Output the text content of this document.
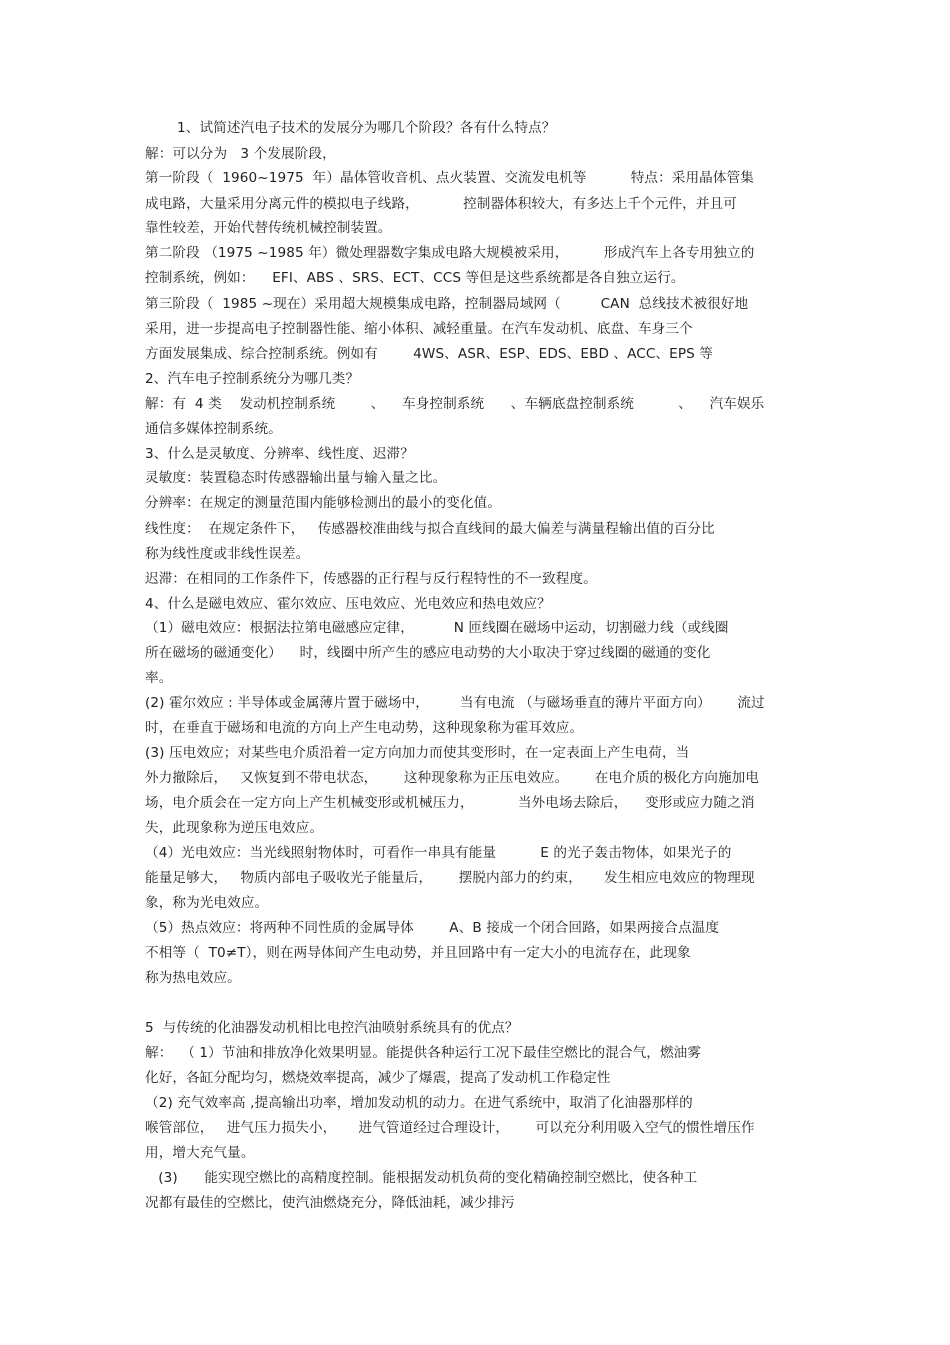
1、试简述汽电子技术的发展分为哪几个阶段？各有什么特点？
解：可以分为   3 个发展阶段，
第一阶段（  1960~1975  年）晶体管收音机、点火装置、交流发电机等          特点：采用晶体管集
成电路，大量采用分离元件的模拟电子线路，          控制器体积较大，有多达上千个元件，并且可
靠性较差，开始代替传统机械控制装置。
第二阶段 （1975 ~1985 年）微处理器数字集成电路大规模被采用，        形成汽车上各专用独立的
控制系统，例如：    EFI、ABS 、SRS、ECT、CCS 等但是这些系统都是各自独立运行。
第三阶段（  1985 ~现在）采用超大规模集成电路，控制器局域网（         CAN  总线技术被很好地
采用，进一步提高电子控制器性能、缩小体积、减轻重量。在汽车发动机、底盘、车身三个
方面发展集成、综合控制系统。例如有        4WS、ASR、ESP、EDS、EBD 、ACC、EPS 等
2、汽车电子控制系统分为哪几类？
解：有  4 类    发动机控制系统        、    车身控制系统      、车辆底盘控制系统          、    汽车娱乐
通信多媒体控制系统。
3、什么是灵敏度、分辨率、线性度、迟滞？
灵敏度：装置稳态时传感器输出量与输入量之比。
分辨率：在规定的测量范围内能够检测出的最小的变化值。
线性度：  在规定条件下，   传感器校准曲线与拟合直线间的最大偏差与满量程输出值的百分比
称为线性度或非线性误差。
迟滞：在相同的工作条件下，传感器的正行程与反行程特性的不一致程度。
4、什么是磁电效应、霍尔效应、压电效应、光电效应和热电效应？
（1）磁电效应：根据法拉第电磁感应定律，         N 匝线圈在磁场中运动，切割磁力线（或线圈
所在磁场的磁通变化）    时，线圈中所产生的感应电动势的大小取决于穿过线圈的磁通的变化
率。
(2) 霍尔效应 : 半导体或金属薄片置于磁场中，       当有电流 （与磁场垂直的薄片平面方向）      流过
时，在垂直于磁场和电流的方向上产生电动势，这种现象称为霍耳效应。
(3) 压电效应；对某些电介质沿着一定方向加力而使其变形时，在一定表面上产生电荷，当
外力撤除后，   又恢复到不带电状态，      这种现象称为正压电效应。      在电介质的极化方向施加电
场，电介质会在一定方向上产生机械变形或机械压力，          当外电场去除后，    变形或应力随之消
失，此现象称为逆压电效应。
（4）光电效应：当光线照射物体时，可看作一串具有能量          E 的光子轰击物体，如果光子的
能量足够大，   物质内部电子吸收光子能量后，      摆脱内部力的约束，     发生相应电效应的物理现
象，称为光电效应。
（5）热点效应：将两种不同性质的金属导体        A、B 接成一个闭合回路，如果两接合点温度
不相等（  T0≠T），则在两导体间产生电动势，并且回路中有一定大小的电流存在，此现象
称为热电效应。
5  与传统的化油器发动机相比电控汽油喷射系统具有的优点？
解：  （ 1）节油和排放净化效果明显。能提供各种运行工况下最佳空燃比的混合气，燃油雾
化好，各缸分配均匀，燃烧效率提高，减少了爆震，提高了发动机工作稳定性
（2) 充气效率高 ,提高输出功率，增加发动机的动力。在进气系统中，取消了化油器那样的
喉管部位，   进气压力损失小，     进气管道经过合理设计，      可以充分利用吸入空气的惯性增压作
用，增大充气量。
(3)      能实现空燃比的高精度控制。能根据发动机负荷的变化精确控制空燃比，使各种工
况都有最佳的空燃比，使汽油燃烧充分，降低油耗，减少排污
